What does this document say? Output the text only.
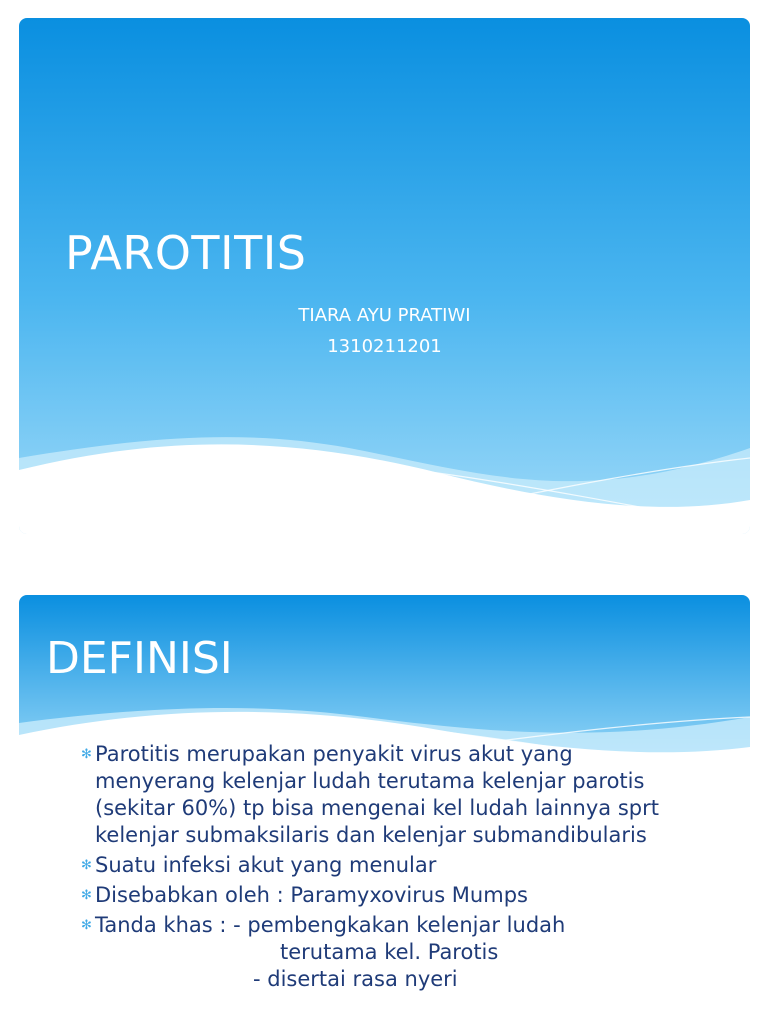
PAROTITIS

TIARA AYU PRATIWI

1310211201

DEFINISI
✻ Parotitis merupakan penyakit virus akut yang
menyerang kelenjar ludah terutama kelenjar parotis
(sekitar 60%) tp bisa mengenai kel ludah lainnya sprt
kelenjar submaksilaris dan kelenjar submandibularis
✻ Suatu infeksi akut yang menular
✻ Disebabkan oleh : Paramyxovirus Mumps
✻ Tanda khas : - pembengkakan kelenjar ludah
terutama kel. Parotis
- disertai rasa nyeri
